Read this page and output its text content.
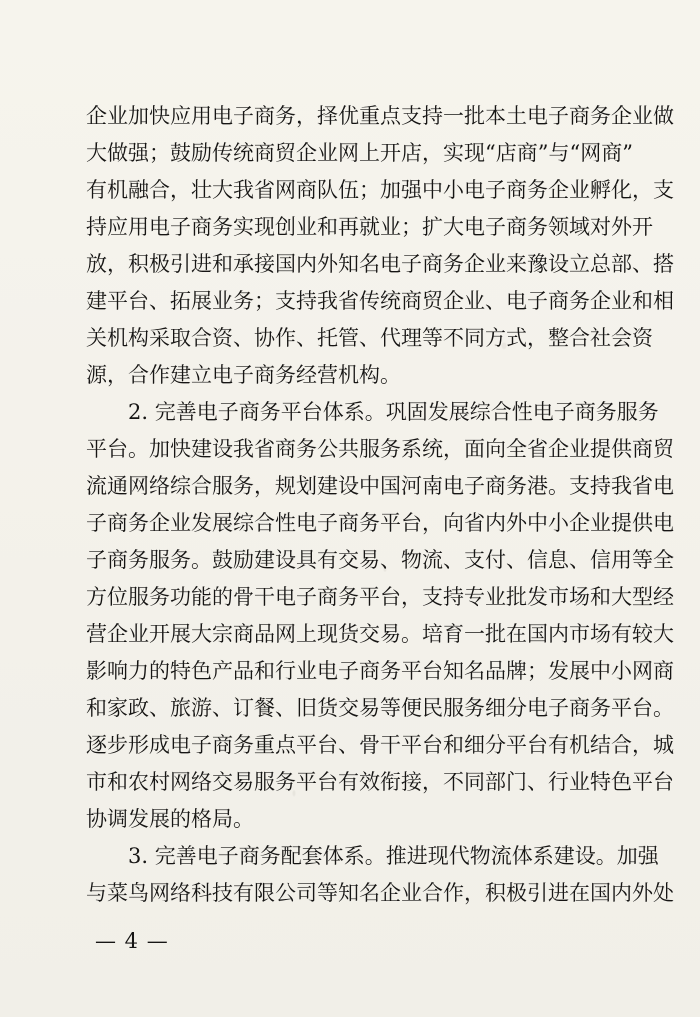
企业加快应用电子商务，择优重点支持一批本土电子商务企业做
大做强；鼓励传统商贸企业网上开店，实现“店商”与“网商”
有机融合，壮大我省网商队伍；加强中小电子商务企业孵化，支
持应用电子商务实现创业和再就业；扩大电子商务领域对外开
放，积极引进和承接国内外知名电子商务企业来豫设立总部、搭
建平台、拓展业务；支持我省传统商贸企业、电子商务企业和相
关机构采取合资、协作、托管、代理等不同方式，整合社会资
源，合作建立电子商务经营机构。
2. 完善电子商务平台体系。巩固发展综合性电子商务服务
平台。加快建设我省商务公共服务系统，面向全省企业提供商贸
流通网络综合服务，规划建设中国河南电子商务港。支持我省电
子商务企业发展综合性电子商务平台，向省内外中小企业提供电
子商务服务。鼓励建设具有交易、物流、支付、信息、信用等全
方位服务功能的骨干电子商务平台，支持专业批发市场和大型经
营企业开展大宗商品网上现货交易。培育一批在国内市场有较大
影响力的特色产品和行业电子商务平台知名品牌；发展中小网商
和家政、旅游、订餐、旧货交易等便民服务细分电子商务平台。
逐步形成电子商务重点平台、骨干平台和细分平台有机结合，城
市和农村网络交易服务平台有效衔接，不同部门、行业特色平台
协调发展的格局。
3. 完善电子商务配套体系。推进现代物流体系建设。加强
与菜鸟网络科技有限公司等知名企业合作，积极引进在国内外处
— 4 —
